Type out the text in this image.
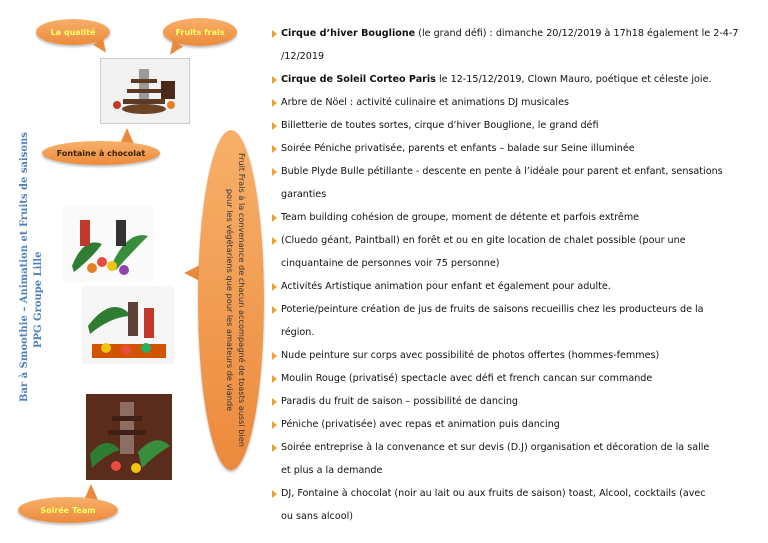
La qualité	Fruits frais
Fontaine à chocolat
Bar à Smoothie – Animation et Fruits de saisons PPG Groupe Lille
Soirée Team
Fruit Frais à la convenance de chacun accompagné de toasts aussi bien pour les végétariens que pour les amateurs de viande
Cirque d’hiver Bouglione (le grand défi) : dimanche 20/12/2019 à 17h18 également le 2-4-7
/12/2019
Cirque de Soleil Corteo Paris le 12-15/12/2019, Clown Mauro, poétique et céleste joie.
Arbre de Nöel : activité culinaire et animations DJ musicales
Billetterie de toutes sortes, cirque d’hiver Bouglione, le grand défi
Soirée Péniche privatisée, parents et enfants – balade sur Seine illuminée
Buble Plyde Bulle pétillante - descente en pente à l’idéale pour parent et enfant, sensations
garanties
Team building cohésion de groupe, moment de détente et parfois extrême
(Cluedo géant, Paintball) en forêt et ou en gite location de chalet possible (pour une
cinquantaine de personnes voir 75 personne)
Activités Artistique animation pour enfant et également pour adulte.
Poterie/peinture création de jus de fruits de saisons recueillis chez les producteurs de la
région.
Nude peinture sur corps avec possibilité de photos offertes (hommes-femmes)
Moulin Rouge (privatisé) spectacle avec défi et french cancan sur commande
Paradis du fruit de saison – possibilité de dancing
Péniche (privatisée) avec repas et animation puis dancing
Soirée entreprise à la convenance et sur devis (D.J) organisation et décoration de la salle
et plus a la demande
DJ, Fontaine à chocolat (noir au lait ou aux fruits de saison) toast, Alcool, cocktails (avec
ou sans alcool)
